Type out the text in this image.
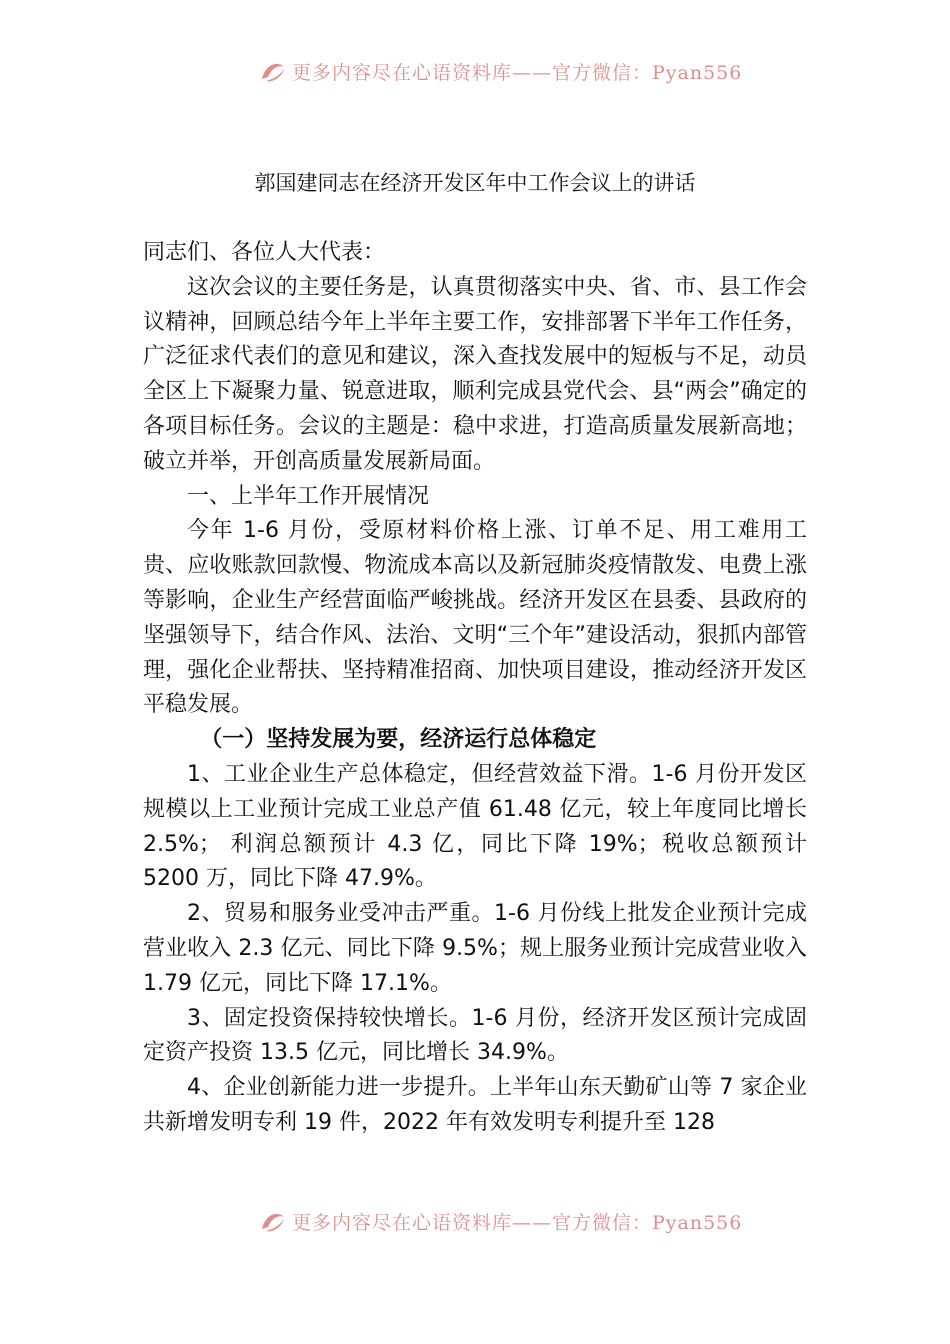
更多内容尽在心语资料库——官方微信：Pyan556
郭国建同志在经济开发区年中工作会议上的讲话

同志们、各位人大代表：

这次会议的主要任务是，认真贯彻落实中央、省、市、县工作会议精神，回顾总结今年上半年主要工作，安排部署下半年工作任务，广泛征求代表们的意见和建议，深入查找发展中的短板与不足，动员全区上下凝聚力量、锐意进取，顺利完成县党代会、县“两会”确定的各项目标任务。会议的主题是：稳中求进，打造高质量发展新高地；破立并举，开创高质量发展新局面。

一、上半年工作开展情况

今年 1-6 月份，受原材料价格上涨、订单不足、用工难用工贵、应收账款回款慢、物流成本高以及新冠肺炎疫情散发、电费上涨等影响，企业生产经营面临严峻挑战。经济开发区在县委、县政府的坚强领导下，结合作风、法治、文明“三个年”建设活动，狠抓内部管理，强化企业帮扶、坚持精准招商、加快项目建设，推动经济开发区平稳发展。

（一）坚持发展为要，经济运行总体稳定

1、工业企业生产总体稳定，但经营效益下滑。1-6 月份开发区规模以上工业预计完成工业总产值 61.48 亿元，较上年度同比增长 2.5%； 利润总额预计 4.3 亿，同比下降 19%；税收总额预计 5200 万，同比下降 47.9%。

2、贸易和服务业受冲击严重。1-6 月份线上批发企业预计完成营业收入 2.3 亿元、同比下降 9.5%；规上服务业预计完成营业收入 1.79 亿元，同比下降 17.1%。

3、固定投资保持较快增长。1-6 月份，经济开发区预计完成固定资产投资 13.5 亿元，同比增长 34.9%。

4、企业创新能力进一步提升。上半年山东天勤矿山等 7 家企业共新增发明专利 19 件，2022 年有效发明专利提升至 128

更多内容尽在心语资料库——官方微信：Pyan556
